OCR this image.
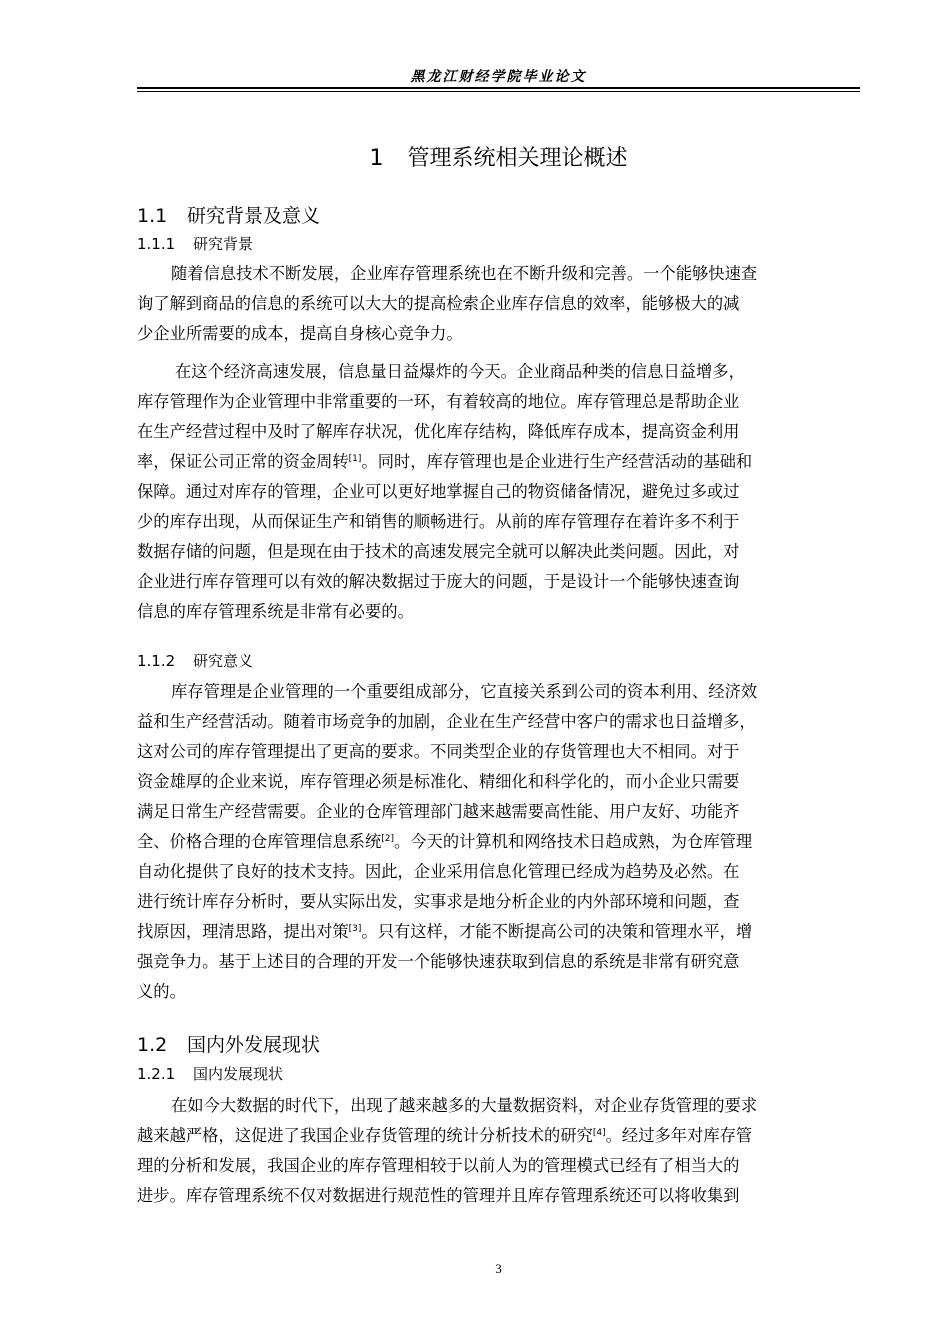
黑龙江财经学院毕业论文
1 管理系统相关理论概述
1.1 研究背景及意义
1.1.1 研究背景
随着信息技术不断发展，企业库存管理系统也在不断升级和完善。一个能够快速查
询了解到商品的信息的系统可以大大的提高检索企业库存信息的效率，能够极大的减
少企业所需要的成本，提高自身核心竞争力。
在这个经济高速发展，信息量日益爆炸的今天。企业商品种类的信息日益增多，
库存管理作为企业管理中非常重要的一环，有着较高的地位。库存管理总是帮助企业
在生产经营过程中及时了解库存状况，优化库存结构，降低库存成本，提高资金利用
率，保证公司正常的资金周转[1]。同时，库存管理也是企业进行生产经营活动的基础和
保障。通过对库存的管理，企业可以更好地掌握自己的物资储备情况，避免过多或过
少的库存出现，从而保证生产和销售的顺畅进行。从前的库存管理存在着许多不利于
数据存储的问题，但是现在由于技术的高速发展完全就可以解决此类问题。因此，对
企业进行库存管理可以有效的解决数据过于庞大的问题，于是设计一个能够快速查询
信息的库存管理系统是非常有必要的。
1.1.2 研究意义
库存管理是企业管理的一个重要组成部分，它直接关系到公司的资本利用、经济效
益和生产经营活动。随着市场竞争的加剧，企业在生产经营中客户的需求也日益增多，
这对公司的库存管理提出了更高的要求。不同类型企业的存货管理也大不相同。对于
资金雄厚的企业来说，库存管理必须是标准化、精细化和科学化的，而小企业只需要
满足日常生产经营需要。企业的仓库管理部门越来越需要高性能、用户友好、功能齐
全、价格合理的仓库管理信息系统[2]。今天的计算机和网络技术日趋成熟，为仓库管理
自动化提供了良好的技术支持。因此，企业采用信息化管理已经成为趋势及必然。在
进行统计库存分析时，要从实际出发，实事求是地分析企业的内外部环境和问题，查
找原因，理清思路，提出对策[3]。只有这样，才能不断提高公司的决策和管理水平，增
强竞争力。基于上述目的合理的开发一个能够快速获取到信息的系统是非常有研究意
义的。
1.2 国内外发展现状
1.2.1 国内发展现状
在如今大数据的时代下，出现了越来越多的大量数据资料，对企业存货管理的要求
越来越严格，这促进了我国企业存货管理的统计分析技术的研究[4]。经过多年对库存管
理的分析和发展，我国企业的库存管理相较于以前人为的管理模式已经有了相当大的
进步。库存管理系统不仅对数据进行规范性的管理并且库存管理系统还可以将收集到
3
